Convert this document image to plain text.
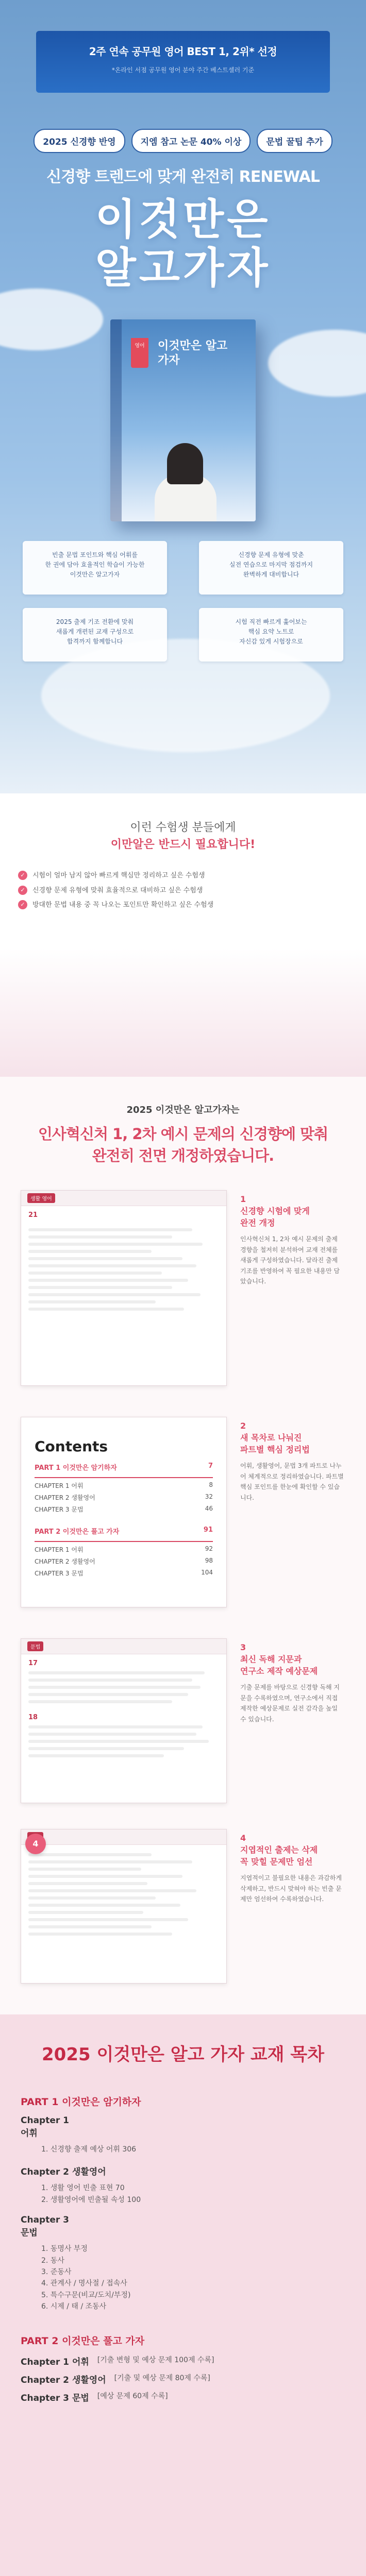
2주 연속 공무원 영어 BEST 1, 2위* 선정
*온라인 서점 공무원 영어 분야 주간 베스트셀러 기준
2025 신경향 반영	지엠 참고 논문 40% 이상	문법 꿀팁 추가
신경향 트렌드에 맞게 완전히 RENEWAL
이것만은
알고가자
영어	이것만은 알고가자
빈출 문법 포인트와 핵심 어휘를
한 권에 담아 효율적인 학습이 가능한
이것만은 알고가자
신경향 문제 유형에 맞춘
실전 연습으로 마지막 점검까지
완벽하게 대비합니다
2025 출제 기조 전환에 맞춰
새롭게 개편된 교재 구성으로
합격까지 함께합니다
시험 직전 빠르게 훑어보는
핵심 요약 노트로
자신감 있게 시험장으로
이런 수험생 분들에게
이만알은 반드시 필요합니다!
✓	시험이 얼마 남지 않아 빠르게 핵심만 정리하고 싶은 수험생
✓	신경향 문제 유형에 맞춰 효율적으로 대비하고 싶은 수험생
✓	방대한 문법 내용 중 꼭 나오는 포인트만 확인하고 싶은 수험생
2025 이것만은 알고가자는
인사혁신처 1, 2차 예시 문제의 신경향에 맞춰
완전히 전면 개정하였습니다.
생활 영어
21
1
신경향 시험에 맞게
완전 개정
인사혁신처 1, 2차 예시 문제의 출제 경향을 철저히 분석하여 교재 전체를 새롭게 구성하였습니다. 달라진 출제 기조를 반영하여 꼭 필요한 내용만 담았습니다.
Contents
PART 1 이것만은 암기하자	7
CHAPTER 1 어휘	8
CHAPTER 2 생활영어	32
CHAPTER 3 문법	46
PART 2 이것만은 풀고 가자	91
CHAPTER 1 어휘	92
CHAPTER 2 생활영어	98
CHAPTER 3 문법	104
2
새 목차로 나눠진
파트별 핵심 정리법
어휘, 생활영어, 문법 3개 파트로 나누어 체계적으로 정리하였습니다. 파트별 핵심 포인트를 한눈에 확인할 수 있습니다.
문법
17
18
3
최신 독해 지문과
연구소 제작 예상문제
기출 문제를 바탕으로 신경향 독해 지문을 수록하였으며, 연구소에서 직접 제작한 예상문제로 실전 감각을 높일 수 있습니다.
4
4
지엽적인 출제는 삭제
꼭 맞힐 문제만 엄선
지엽적이고 불필요한 내용은 과감하게 삭제하고, 반드시 맞혀야 하는 빈출 문제만 엄선하여 수록하였습니다.
2025 이것만은 알고 가자 교재 목차
PART 1 이것만은 암기하자
Chapter 1 어휘
1. 신경향 출제 예상 어휘 306
Chapter 2 생활영어
1. 생활 영어 빈출 표현 70
2. 생활영어에 빈출될 속성 100
Chapter 3 문법
1. 동명사 부정
2. 동사
3. 준동사
4. 관계사 / 명사절 / 접속사
5. 특수구문(비교/도치/부정)
6. 시제 / 태 / 조동사
PART 2 이것만은 풀고 가자
Chapter 1 어휘 [기출 변형 및 예상 문제 100제 수록]
Chapter 2 생활영어 [기출 및 예상 문제 80제 수록]
Chapter 3 문법 [예상 문제 60제 수록]
